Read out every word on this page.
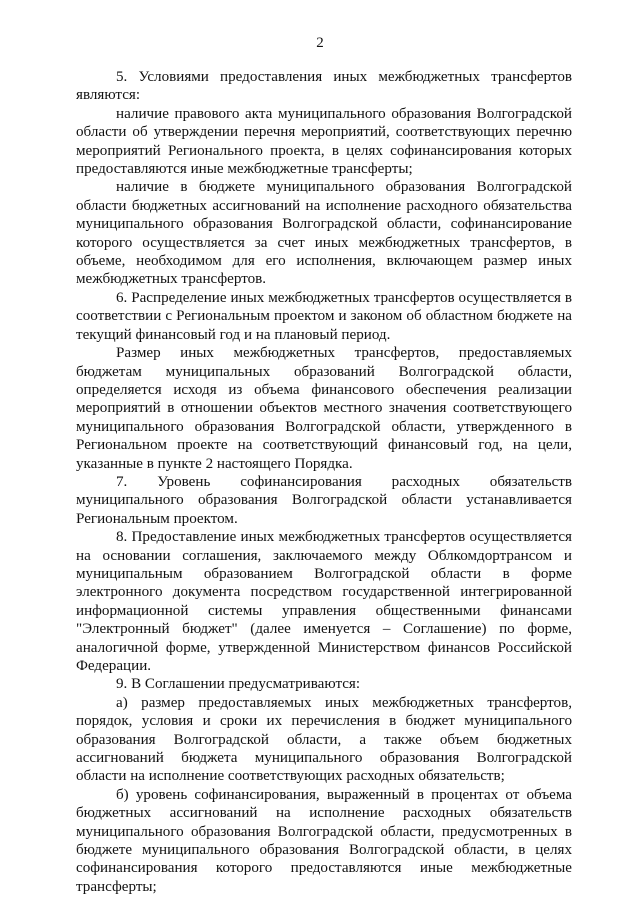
2

5. Условиями предоставления иных межбюджетных трансфертов являются:

наличие правового акта муниципального образования Волгоградской области об утверждении перечня мероприятий, соответствующих перечню мероприятий Регионального проекта, в целях софинансирования которых предоставляются иные межбюджетные трансферты;

наличие в бюджете муниципального образования Волгоградской области бюджетных ассигнований на исполнение расходного обязательства муниципального образования Волгоградской области, софинансирование которого осуществляется за счет иных межбюджетных трансфертов, в объеме, необходимом для его исполнения, включающем размер иных межбюджетных трансфертов.

6. Распределение иных межбюджетных трансфертов осуществляется в соответствии с Региональным проектом и законом об областном бюджете на текущий финансовый год и на плановый период.

Размер иных межбюджетных трансфертов, предоставляемых бюджетам муниципальных образований Волгоградской области, определяется исходя из объема финансового обеспечения реализации мероприятий в отношении объектов местного значения соответствующего муниципального образования Волгоградской области, утвержденного в Региональном проекте на соответствующий финансовый год, на цели, указанные в пункте 2 настоящего Порядка.

7. Уровень софинансирования расходных обязательств муниципального образования Волгоградской области устанавливается Региональным проектом.

8. Предоставление иных межбюджетных трансфертов осуществляется на основании соглашения, заключаемого между Облкомдортрансом и муниципальным образованием Волгоградской области в форме электронного документа посредством государственной интегрированной информационной системы управления общественными финансами "Электронный бюджет" (далее именуется – Соглашение) по форме, аналогичной форме, утвержденной Министерством финансов Российской Федерации.

9. В Соглашении предусматриваются:

а) размер предоставляемых иных межбюджетных трансфертов, порядок, условия и сроки их перечисления в бюджет муниципального образования Волгоградской области, а также объем бюджетных ассигнований бюджета муниципального образования Волгоградской области на исполнение соответствующих расходных обязательств;

б) уровень софинансирования, выраженный в процентах от объема бюджетных ассигнований на исполнение расходных обязательств муниципального образования Волгоградской области, предусмотренных в бюджете муниципального образования Волгоградской области, в целях софинансирования которого предоставляются иные межбюджетные трансферты;
